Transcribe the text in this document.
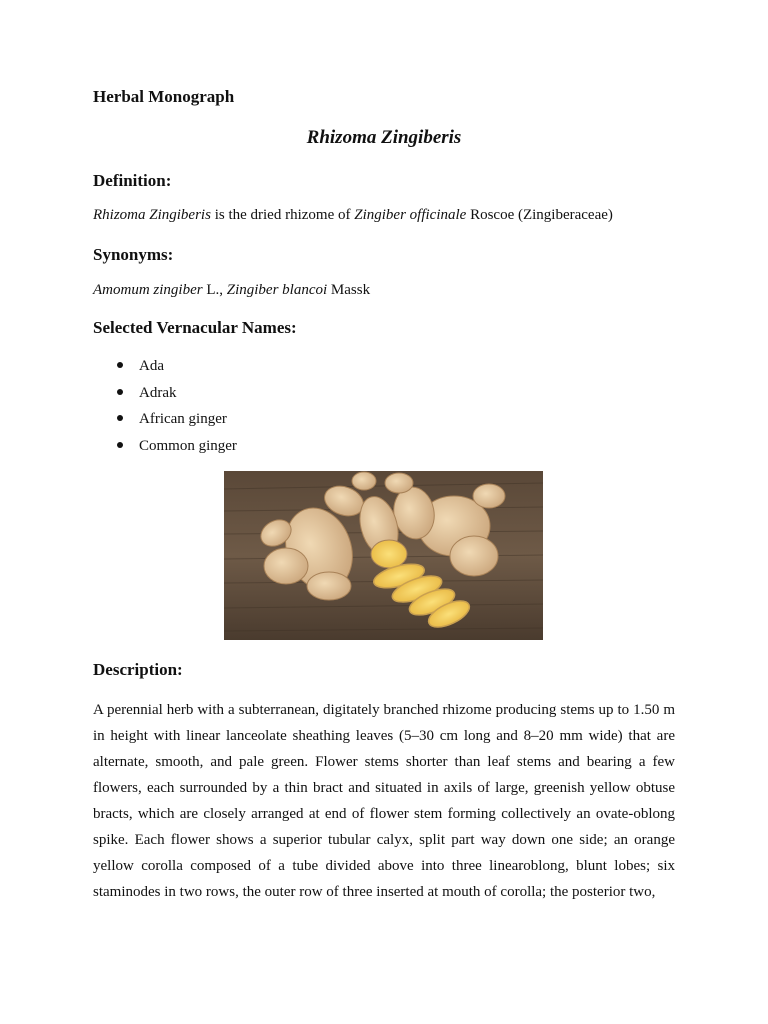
Herbal Monograph
Rhizoma Zingiberis
Definition:

Rhizoma Zingiberis is the dried rhizome of Zingiber officinale Roscoe (Zingiberaceae)

Synonyms:

Amomum zingiber L., Zingiber blancoi Massk

Selected Vernacular Names:
Ada
Adrak
African ginger
Common ginger
Description:

A perennial herb with a subterranean, digitately branched rhizome producing stems up to 1.50 m in height with linear lanceolate sheathing leaves (5–30 cm long and 8–20 mm wide) that are alternate, smooth, and pale green. Flower stems shorter than leaf stems and bearing a few flowers, each surrounded by a thin bract and situated in axils of large, greenish yellow obtuse bracts, which are closely arranged at end of flower stem forming collectively an ovate-oblong spike. Each flower shows a superior tubular calyx, split part way down one side; an orange yellow corolla composed of a tube divided above into three linearoblong, blunt lobes; six staminodes in two rows, the outer row of three inserted at mouth of corolla; the posterior two,
